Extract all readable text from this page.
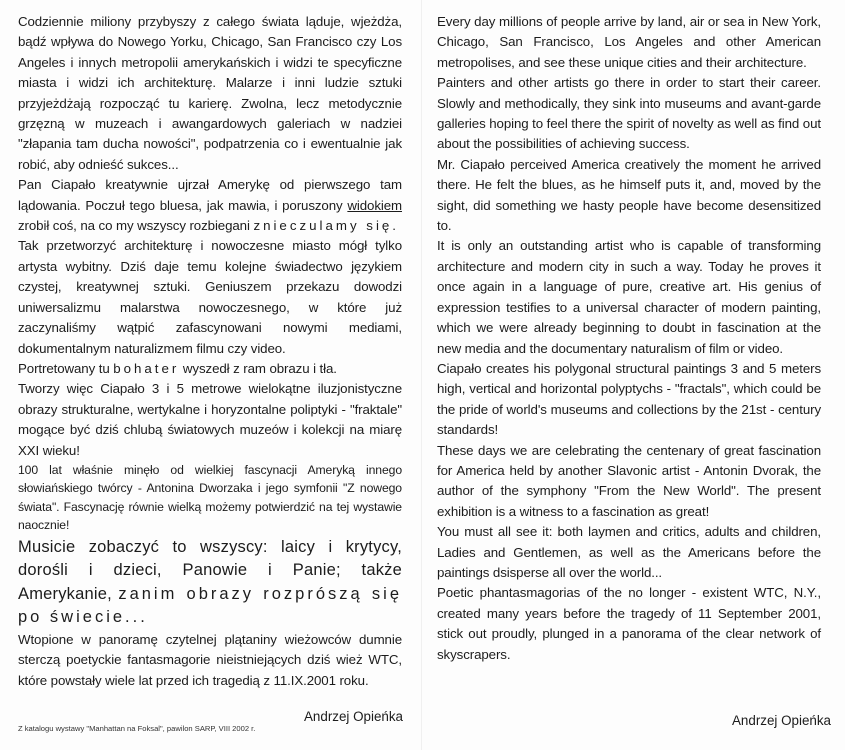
Codziennie miliony przybyszy z całego świata ląduje, wjeżdża, bądź wpływa do Nowego Yorku, Chicago, San Francisco czy Los Angeles i innych metropolii amerykańskich i widzi te specyficzne miasta i widzi ich architekturę. Malarze i inni ludzie sztuki przyjeżdżają rozpocząć tu karierę. Zwolna, lecz metodycznie grzęzną w muzeach i awangardowych galeriach w nadziei "złapania tam ducha nowości", podpatrzenia co i ewentualnie jak robić, aby odnieść sukces...

Pan Ciapało kreatywnie ujrzał Amerykę od pierwszego tam lądowania. Poczuł tego bluesa, jak mawia, i poruszony widokiem zrobił coś, na co my wszyscy rozbiegani znieczulamy się.

Tak przetworzyć architekturę i nowoczesne miasto mógł tylko artysta wybitny. Dziś daje temu kolejne świadectwo językiem czystej, kreatywnej sztuki. Geniuszem przekazu dowodzi uniwersalizmu malarstwa nowoczesnego, w które już zaczynaliśmy wątpić zafascynowani nowymi mediami, dokumentalnym naturalizmem filmu czy video.

Portretowany tu bohater wyszedł z ram obrazu i tła.

Tworzy więc Ciapało 3 i 5 metrowe wielokątne iluzjonistyczne obrazy strukturalne, wertykalne i horyzontalne poliptyki - "fraktale" mogące być dziś chlubą światowych muzeów i kolekcji na miarę XXI wieku!

100 lat właśnie minęło od wielkiej fascynacji Ameryką innego słowiańskiego twórcy - Antonina Dworzaka i jego symfonii "Z nowego świata". Fascynację równie wielką możemy potwierdzić na tej wystawie naocznie!

Musicie zobaczyć to wszyscy: laicy i krytycy, dorośli i dzieci, Panowie i Panie; także Amerykanie, zanim obrazy rozprószą się po świecie...

Wtopione w panoramę czytelnej plątaniny wieżowców dumnie sterczą poetyckie fantasmagorie nieistniejących dziś wież WTC, które powstały wiele lat przed ich tragedią z 11.IX.2001 roku.

Andrzej Opieńka
Z katalogu wystawy "Manhattan na Foksal", pawilon SARP, VIII 2002 r.

Every day millions of people arrive by land, air or sea in New York, Chicago, San Francisco, Los Angeles and other American metropolises, and see these unique cities and their architecture.

Painters and other artists go there in order to start their career. Slowly and methodically, they sink into museums and avant-garde galleries hoping to feel there the spirit of novelty as well as find out about the possibilities of achieving success.

Mr. Ciapało perceived America creatively the moment he arrived there. He felt the blues, as he himself puts it, and, moved by the sight, did something we hasty people have become desensitized to.

It is only an outstanding artist who is capable of transforming architecture and modern city in such a way. Today he proves it once again in a language of pure, creative art. His genius of expression testifies to a universal character of modern painting, which we were already beginning to doubt in fascination at the new media and the documentary naturalism of film or video.

Ciapało creates his polygonal structural paintings 3 and 5 meters high, vertical and horizontal polyptychs - "fractals", which could be the pride of world's museums and collections by the 21st - century standards!

These days we are celebrating the centenary of great fascination for America held by another Slavonic artist - Antonin Dvorak, the author of the symphony "From the New World". The present exhibition is a witness to a fascination as great!

You must all see it: both laymen and critics, adults and children, Ladies and Gentlemen, as well as the Americans before the paintings dsisperse all over the world...

Poetic phantasmagorias of the no longer - existent WTC, N.Y., created many years before the tragedy of 11 September 2001, stick out proudly, plunged in a panorama of the clear network of skyscrapers.

Andrzej Opieńka
